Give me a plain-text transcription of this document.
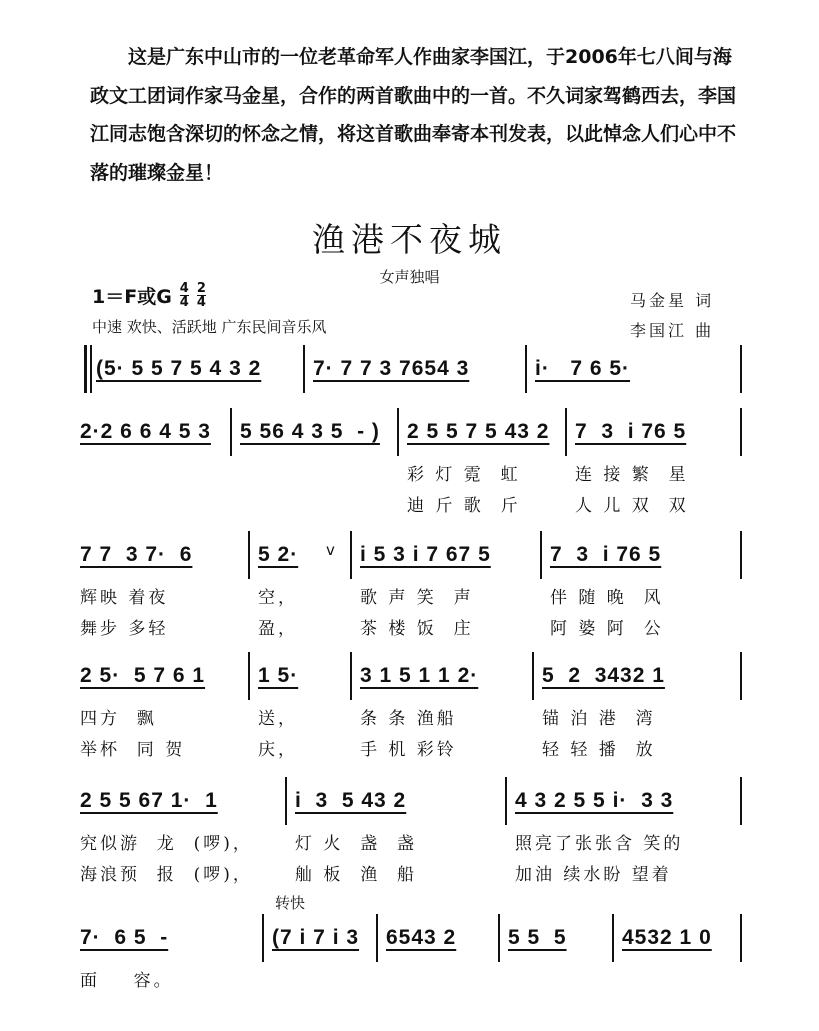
这是广东中山市的一位老革命军人作曲家李国江，于2006年七八间与海政文工团词作家马金星，合作的两首歌曲中的一首。不久词家驾鹤西去，李国江同志饱含深切的怀念之情，将这首歌曲奉寄本刊发表，以此悼念人们心中不落的璀璨金星！

渔港不夜城
女声独唱
1＝F或G $\frac{4}{4} \frac{2}{4}$
中速 欢快、活跃地 广东民间音乐风
马金星 词
李国江 曲
(5· 5 5 7 5 4 3 2 7· 7 7 3 7654 3	i·   7 6 5·
2·2 6 6 4 5 3 5 56 4 3 5  - ) 2 5 5 7 5 43 2
彩 灯 霓  虹
迪 斤 歌  斤
7  3  i 76 5
连 接 繁  星
人 儿 双  双
7 7  3 7·  6
辉映 着夜
舞步 多轻
5 2·
空，
盈，
i 5 3 i 7 67 5
歌 声 笑  声
茶 楼 饭  庄
7  3  i 76 5
伴 随 晚  风
阿 婆 阿  公
v
2 5·  5 7 6 1
四方  飘
举杯  同 贺
1 5·
送，
庆，
3 1 5 1 1 2·
条 条 渔船
手 机 彩铃
5  2  3432 1
锚 泊 港  湾
轻 轻 播  放
2 5 5 67 1·  1
究似游  龙  (啰)，
海浪预  报  (啰)，
i  3  5 43 2
灯 火  盏  盏
舢 板  渔  船
4 3 2 5 5 i·  3 3
照亮了张张含 笑的
加油 续水盼 望着
7·  6 5  -
面    容。
(7 i 7 i 3 6543 2 5 5  5	4532 1 0
转快
